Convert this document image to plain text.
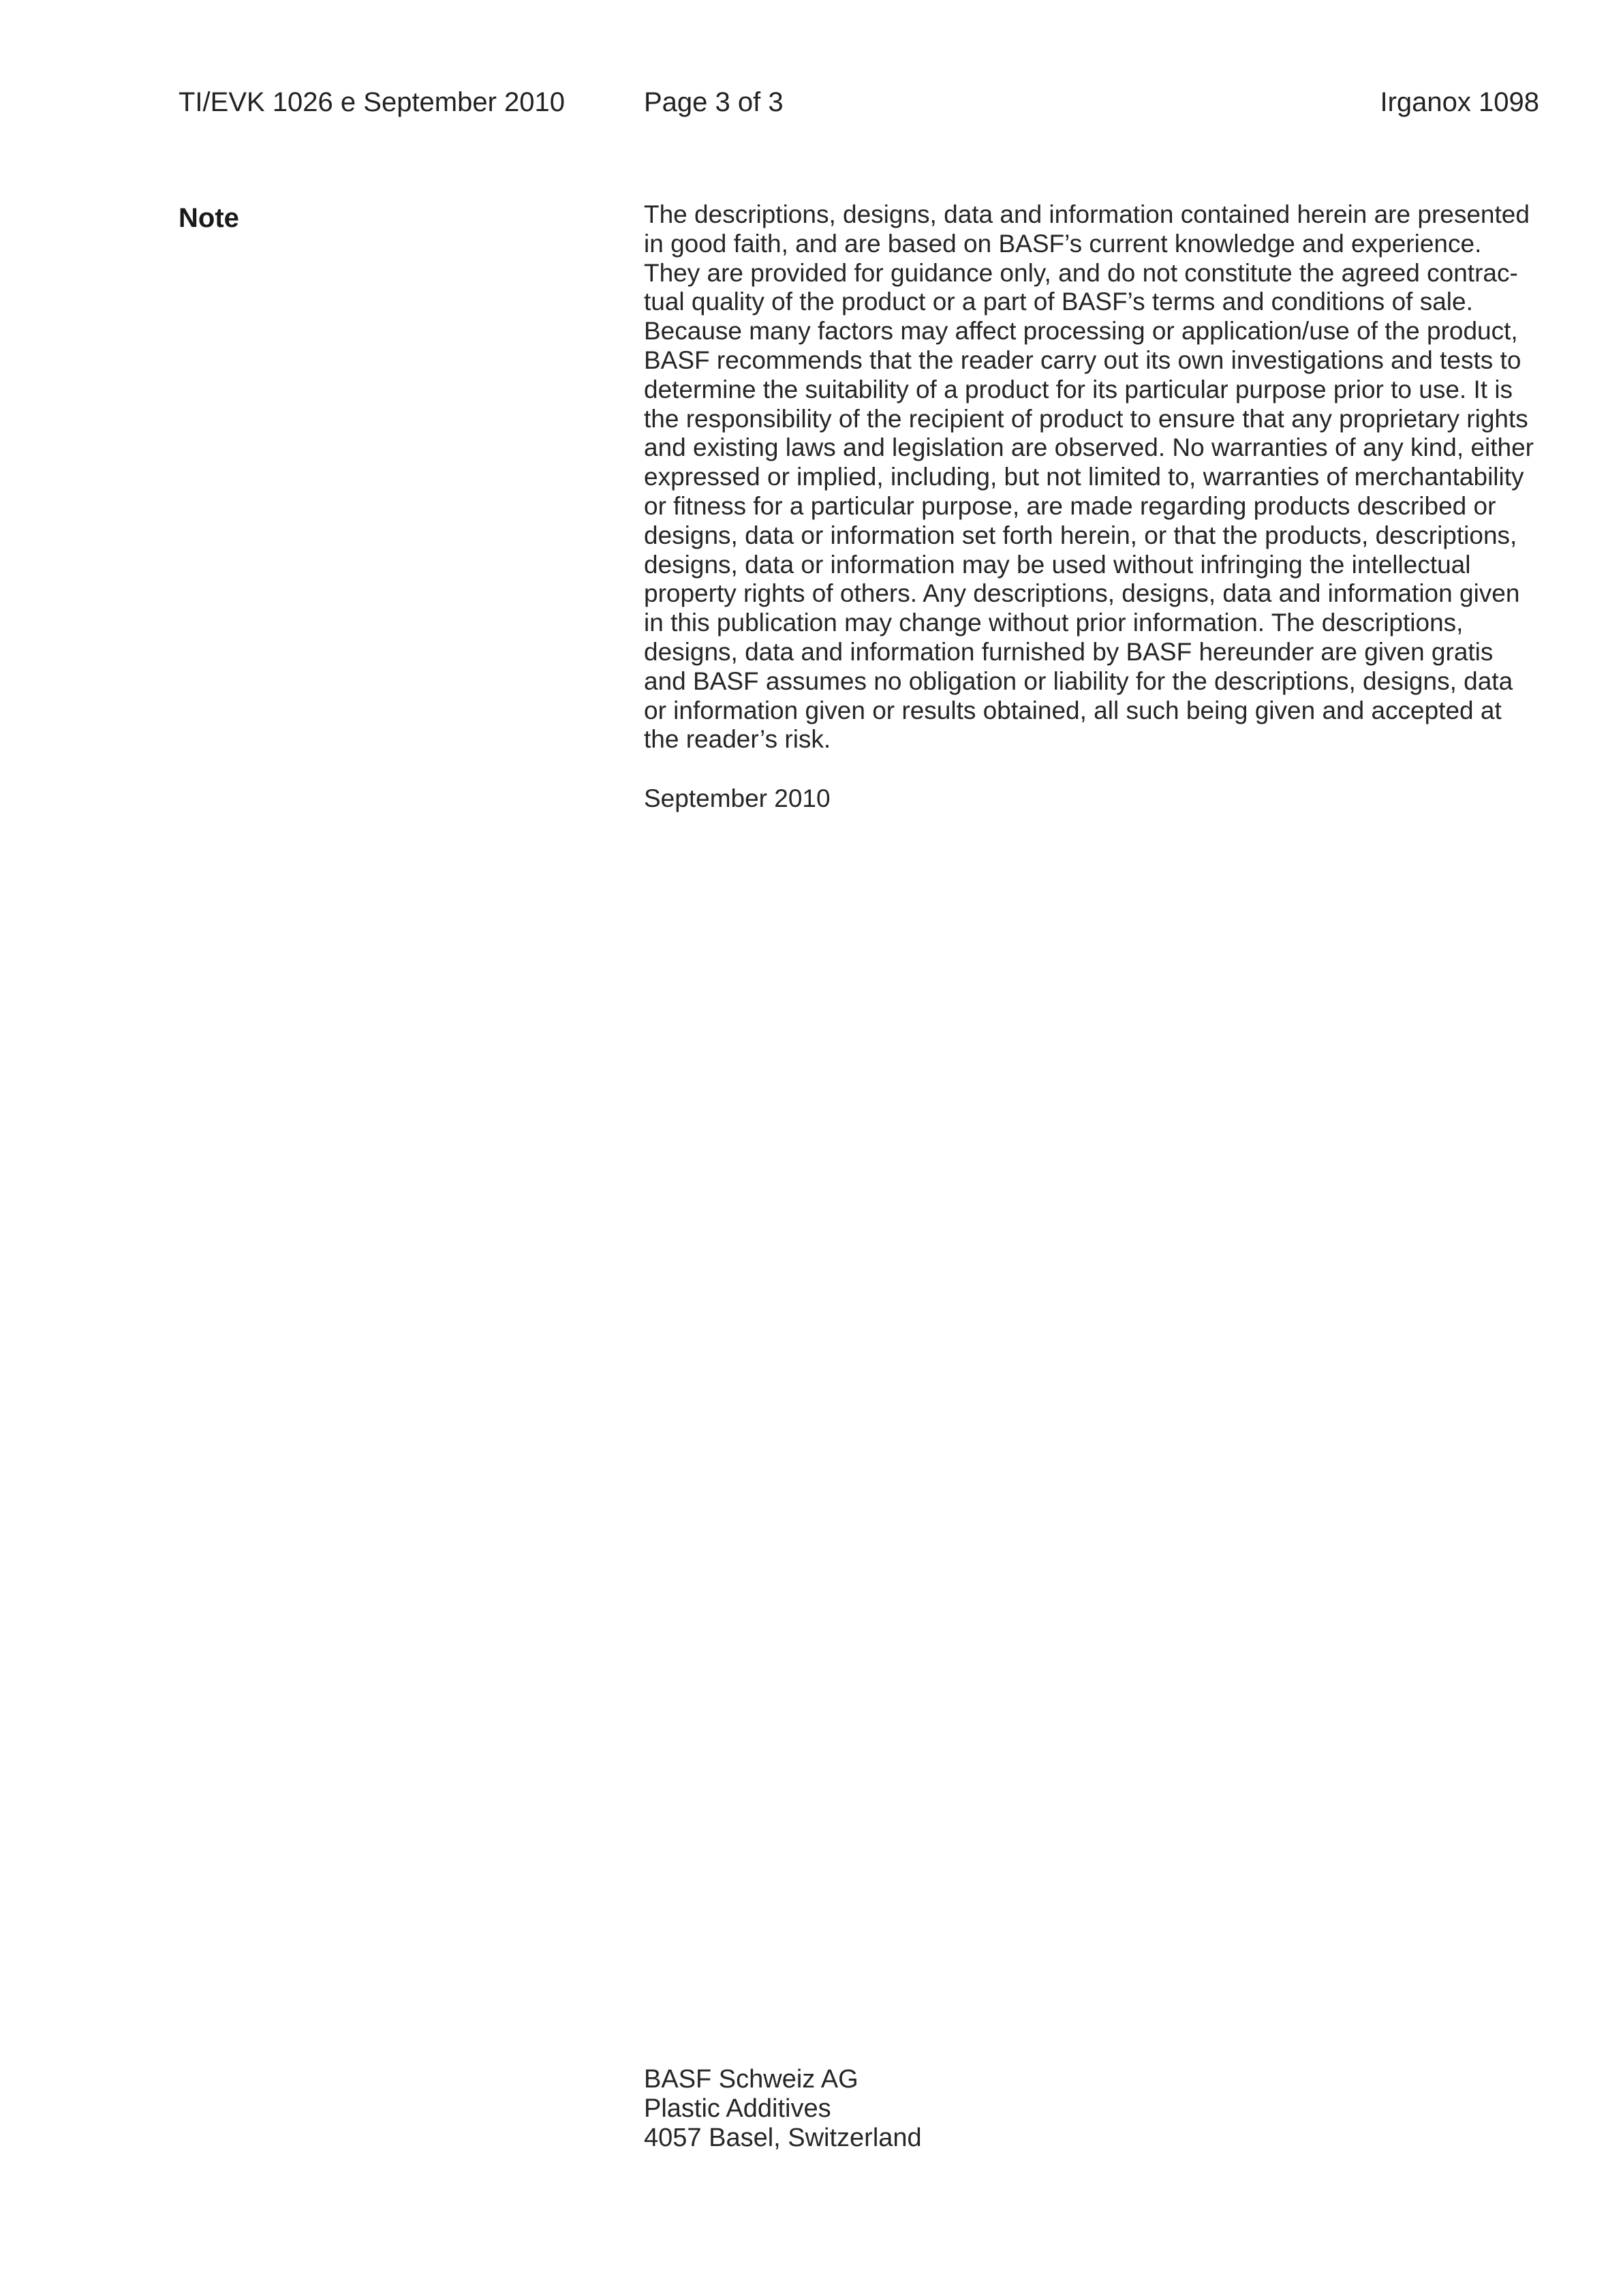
TI/EVK 1026 e September 2010	Page 3 of 3	Irganox 1098
Note	The descriptions, designs, data and information contained herein are presented
in good faith, and are based on BASF’s current knowledge and experience.
They are provided for guidance only, and do not constitute the agreed contrac-
tual quality of the product or a part of BASF’s terms and conditions of sale.
Because many factors may affect processing or application/use of the product,
BASF recommends that the reader carry out its own investigations and tests to
determine the suitability of a product for its particular purpose prior to use. It is
the responsibility of the recipient of product to ensure that any proprietary rights
and existing laws and legislation are observed. No warranties of any kind, either
expressed or implied, including, but not limited to, warranties of merchantability
or fitness for a particular purpose, are made regarding products described or
designs, data or information set forth herein, or that the products, descriptions,
designs, data or information may be used without infringing the intellectual
property rights of others. Any descriptions, designs, data and information given
in this publication may change without prior information. The descriptions,
designs, data and information furnished by BASF hereunder are given gratis
and BASF assumes no obligation or liability for the descriptions, designs, data
or information given or results obtained, all such being given and accepted at
the reader’s risk.
September 2010
BASF Schweiz AG
Plastic Additives
4057 Basel, Switzerland
